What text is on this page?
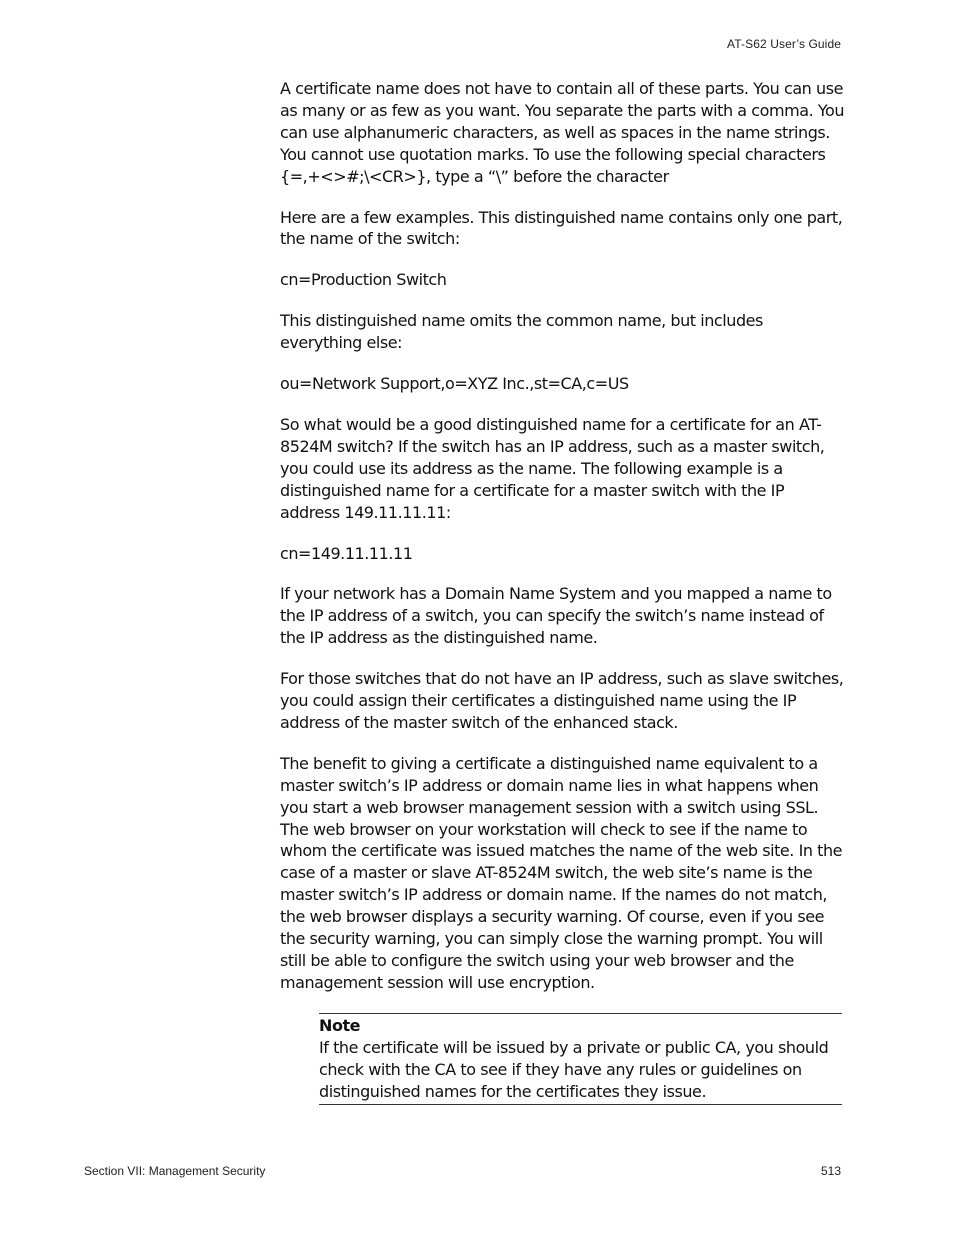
AT-S62 User’s Guide

A certificate name does not have to contain all of these parts. You can use as many or as few as you want. You separate the parts with a comma. You can use alphanumeric characters, as well as spaces in the name strings. You cannot use quotation marks. To use the following special characters {=,+<>#;\<CR>}, type a “\” before the character

Here are a few examples. This distinguished name contains only one part, the name of the switch:

cn=Production Switch

This distinguished name omits the common name, but includes everything else:

ou=Network Support,o=XYZ Inc.,st=CA,c=US

So what would be a good distinguished name for a certificate for an AT-8524M switch? If the switch has an IP address, such as a master switch, you could use its address as the name. The following example is a distinguished name for a certificate for a master switch with the IP address 149.11.11.11:

cn=149.11.11.11

If your network has a Domain Name System and you mapped a name to the IP address of a switch, you can specify the switch’s name instead of the IP address as the distinguished name.

For those switches that do not have an IP address, such as slave switches, you could assign their certificates a distinguished name using the IP address of the master switch of the enhanced stack.

The benefit to giving a certificate a distinguished name equivalent to a master switch’s IP address or domain name lies in what happens when you start a web browser management session with a switch using SSL. The web browser on your workstation will check to see if the name to whom the certificate was issued matches the name of the web site. In the case of a master or slave AT-8524M switch, the web site’s name is the master switch’s IP address or domain name. If the names do not match, the web browser displays a security warning. Of course, even if you see the security warning, you can simply close the warning prompt. You will still be able to configure the switch using your web browser and the management session will use encryption.

Note

If the certificate will be issued by a private or public CA, you should check with the CA to see if they have any rules or guidelines on distinguished names for the certificates they issue.

Section VII: Management Security	513
